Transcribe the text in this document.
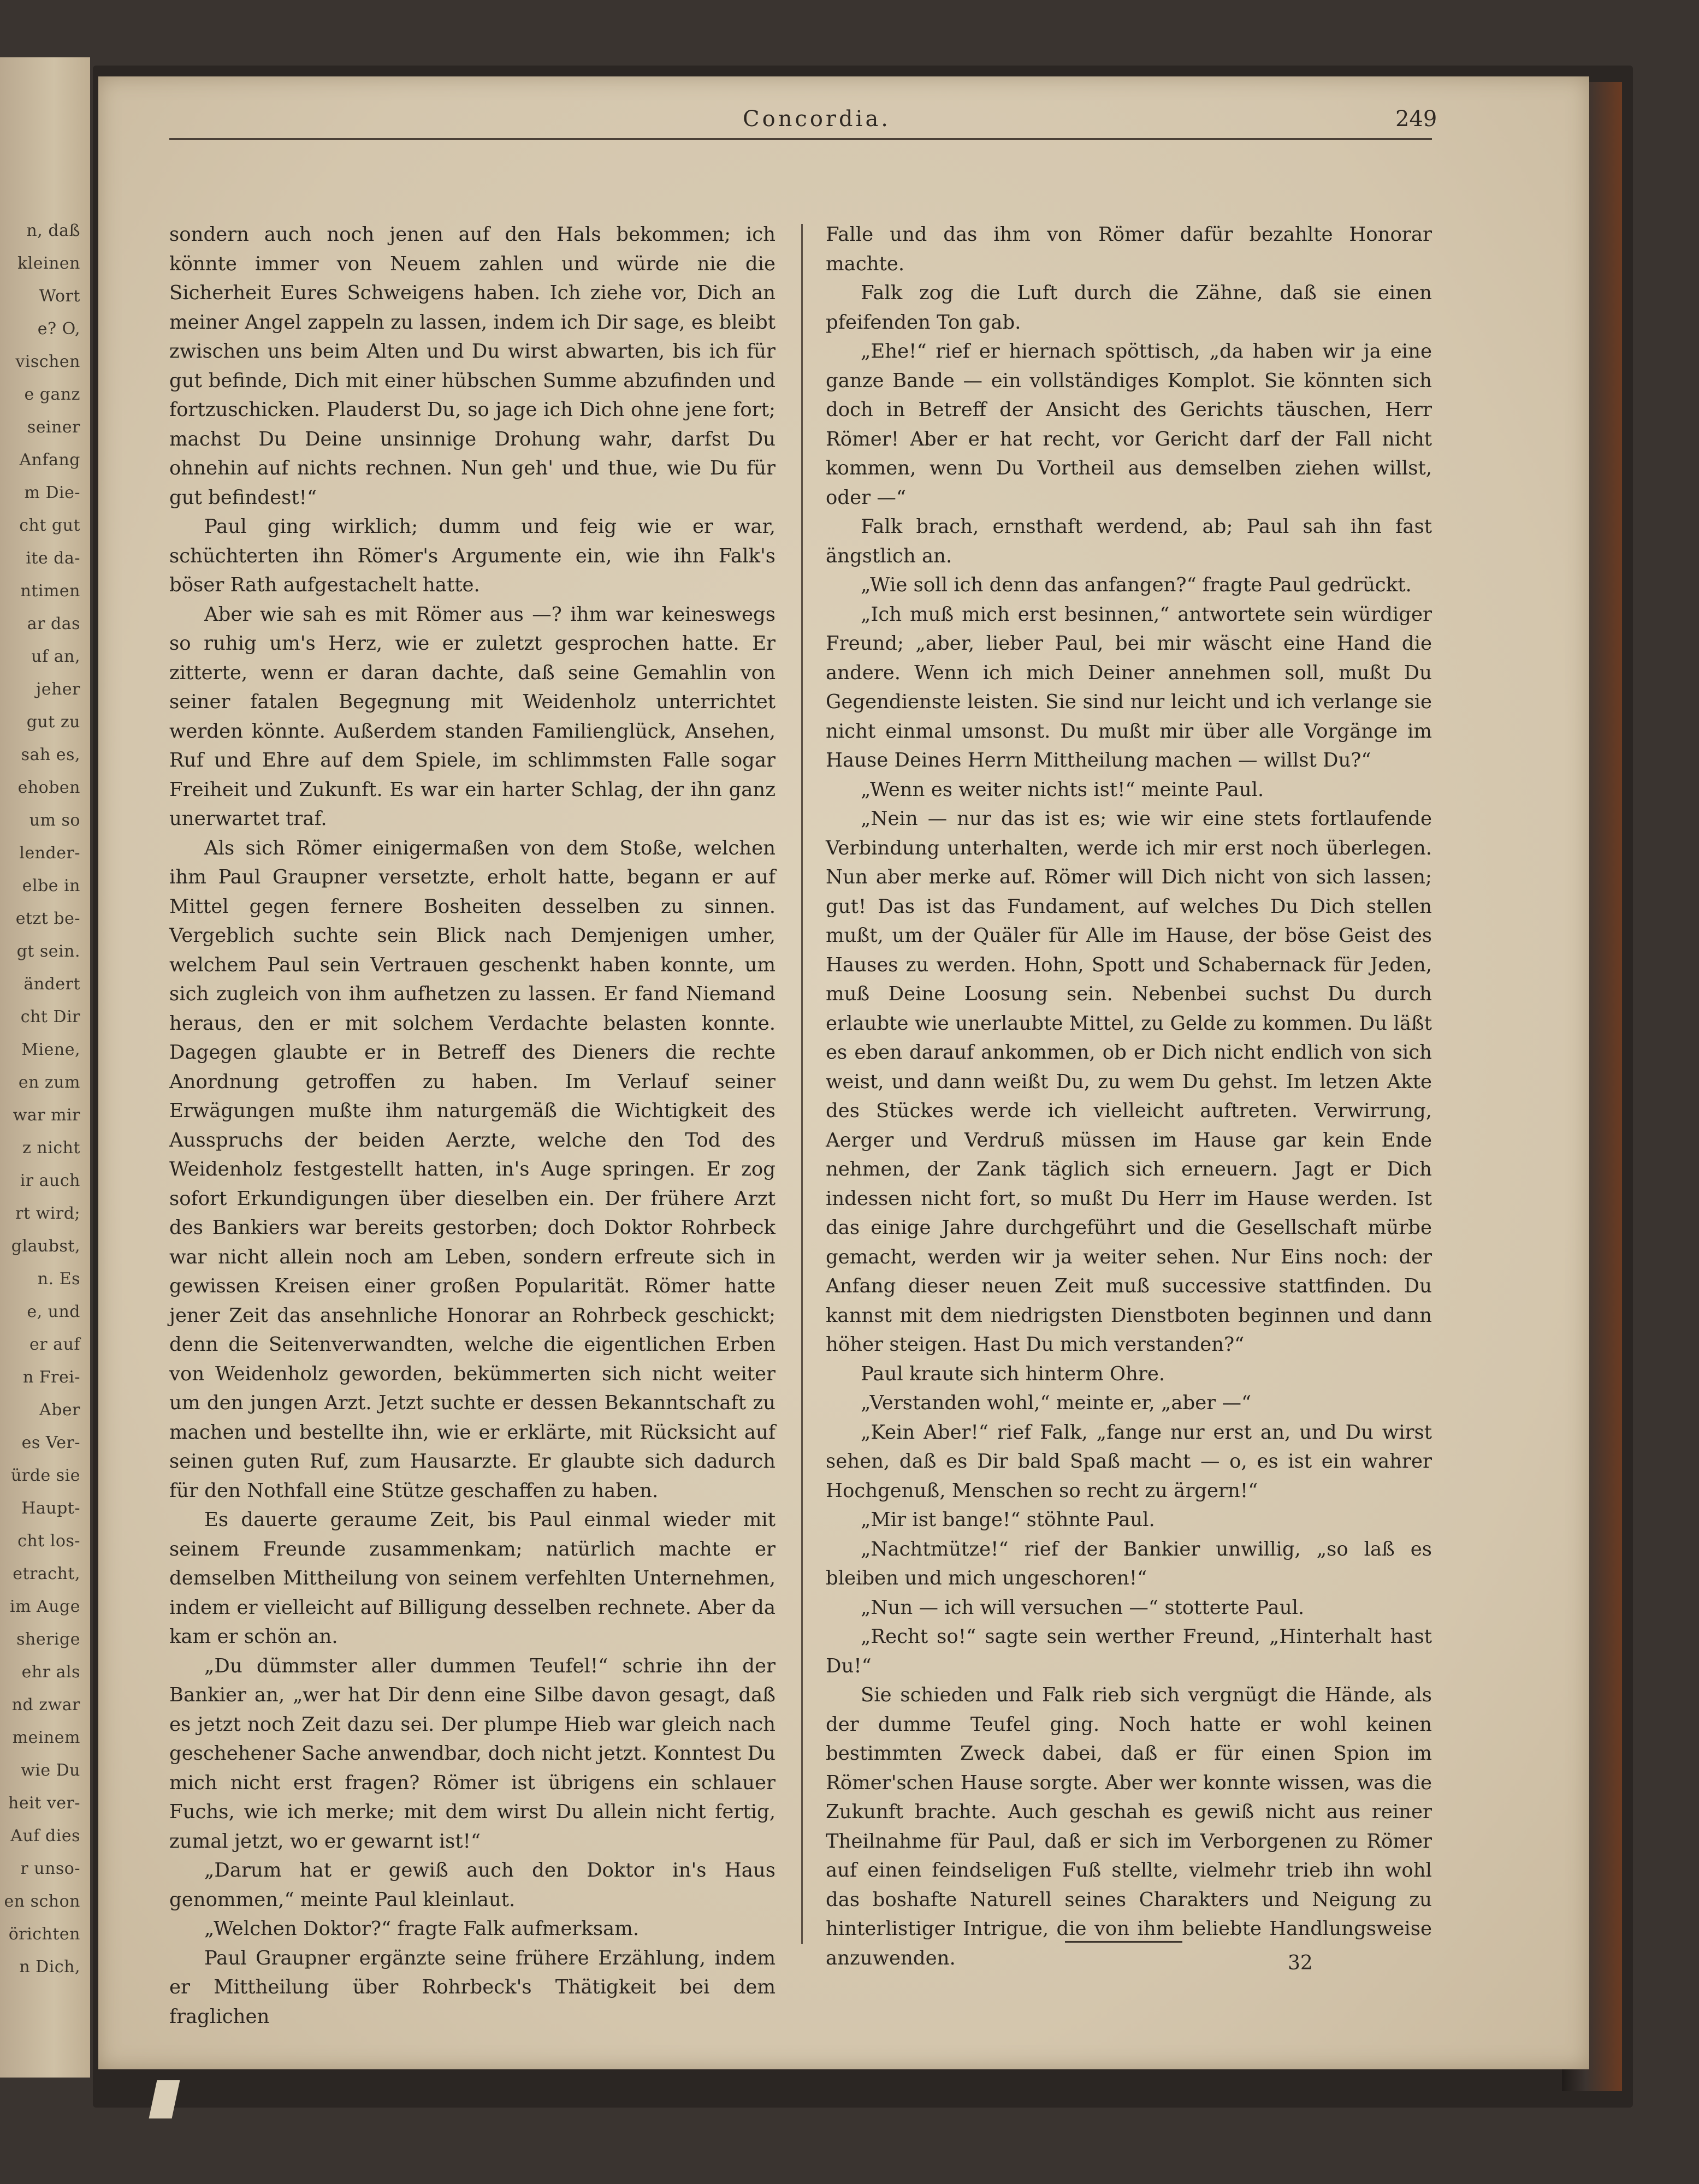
n, daß
kleinen
Wort
e? O,
vischen
e ganz
seiner
Anfang
m Die-
cht gut
ite da-
ntimen
ar das
uf an,
jeher
gut zu
sah es,
ehoben
um so
lender-
elbe in
etzt be-
gt sein.
ändert
cht Dir
Miene,
en zum
war mir
z nicht
ir auch
rt wird;
glaubst,
n. Es
e, und
er auf
n Frei-
Aber
es Ver-
ürde sie
Haupt-
cht los-
etracht,
im Auge
sherige
ehr als
nd zwar
meinem
wie Du
heit ver-
Auf dies
r unso-
en schon
örichten
n Dich,
Concordia.	249

sondern auch noch jenen auf den Hals bekommen; ich könnte immer von Neuem zahlen und würde nie die Sicherheit Eures Schweigens haben. Ich ziehe vor, Dich an meiner Angel zappeln zu lassen, indem ich Dir sage, es bleibt zwischen uns beim Alten und Du wirst abwarten, bis ich für gut befinde, Dich mit einer hübschen Summe abzufinden und fortzuschicken. Plauderst Du, so jage ich Dich ohne jene fort; machst Du Deine unsinnige Drohung wahr, darfst Du ohnehin auf nichts rechnen. Nun geh' und thue, wie Du für gut befindest!“

Paul ging wirklich; dumm und feig wie er war, schüchterten ihn Römer's Argumente ein, wie ihn Falk's böser Rath aufgestachelt hatte.

Aber wie sah es mit Römer aus —? ihm war keineswegs so ruhig um's Herz, wie er zuletzt gesprochen hatte. Er zitterte, wenn er daran dachte, daß seine Gemahlin von seiner fatalen Begegnung mit Weidenholz unterrichtet werden könnte. Außerdem standen Familienglück, Ansehen, Ruf und Ehre auf dem Spiele, im schlimmsten Falle sogar Freiheit und Zukunft. Es war ein harter Schlag, der ihn ganz unerwartet traf.

Als sich Römer einigermaßen von dem Stoße, welchen ihm Paul Graupner versetzte, erholt hatte, begann er auf Mittel gegen fernere Bosheiten desselben zu sinnen. Vergeblich suchte sein Blick nach Demjenigen umher, welchem Paul sein Vertrauen geschenkt haben konnte, um sich zugleich von ihm aufhetzen zu lassen. Er fand Niemand heraus, den er mit solchem Verdachte belasten konnte. Dagegen glaubte er in Betreff des Dieners die rechte Anordnung getroffen zu haben. Im Verlauf seiner Erwägungen mußte ihm naturgemäß die Wichtigkeit des Ausspruchs der beiden Aerzte, welche den Tod des Weidenholz festgestellt hatten, in's Auge springen. Er zog sofort Erkundigungen über dieselben ein. Der frühere Arzt des Bankiers war bereits gestorben; doch Doktor Rohrbeck war nicht allein noch am Leben, sondern erfreute sich in gewissen Kreisen einer großen Popularität. Römer hatte jener Zeit das ansehnliche Honorar an Rohrbeck geschickt; denn die Seitenverwandten, welche die eigentlichen Erben von Weidenholz geworden, bekümmerten sich nicht weiter um den jungen Arzt. Jetzt suchte er dessen Bekanntschaft zu machen und bestellte ihn, wie er erklärte, mit Rücksicht auf seinen guten Ruf, zum Hausarzte. Er glaubte sich dadurch für den Nothfall eine Stütze geschaffen zu haben.

Es dauerte geraume Zeit, bis Paul einmal wieder mit seinem Freunde zusammenkam; natürlich machte er demselben Mittheilung von seinem verfehlten Unternehmen, indem er vielleicht auf Billigung desselben rechnete. Aber da kam er schön an.

„Du dümmster aller dummen Teufel!“ schrie ihn der Bankier an, „wer hat Dir denn eine Silbe davon gesagt, daß es jetzt noch Zeit dazu sei. Der plumpe Hieb war gleich nach geschehener Sache anwendbar, doch nicht jetzt. Konntest Du mich nicht erst fragen? Römer ist übrigens ein schlauer Fuchs, wie ich merke; mit dem wirst Du allein nicht fertig, zumal jetzt, wo er gewarnt ist!“

„Darum hat er gewiß auch den Doktor in's Haus genommen,“ meinte Paul kleinlaut.

„Welchen Doktor?“ fragte Falk aufmerksam.

Paul Graupner ergänzte seine frühere Erzählung, indem er Mittheilung über Rohrbeck's Thätigkeit bei dem fraglichen

Falle und das ihm von Römer dafür bezahlte Honorar machte.

Falk zog die Luft durch die Zähne, daß sie einen pfeifenden Ton gab.

„Ehe!“ rief er hiernach spöttisch, „da haben wir ja eine ganze Bande — ein vollständiges Komplot. Sie könnten sich doch in Betreff der Ansicht des Gerichts täuschen, Herr Römer! Aber er hat recht, vor Gericht darf der Fall nicht kommen, wenn Du Vortheil aus demselben ziehen willst, oder —“

Falk brach, ernsthaft werdend, ab; Paul sah ihn fast ängstlich an.

„Wie soll ich denn das anfangen?“ fragte Paul gedrückt.

„Ich muß mich erst besinnen,“ antwortete sein würdiger Freund; „aber, lieber Paul, bei mir wäscht eine Hand die andere. Wenn ich mich Deiner annehmen soll, mußt Du Gegendienste leisten. Sie sind nur leicht und ich verlange sie nicht einmal umsonst. Du mußt mir über alle Vorgänge im Hause Deines Herrn Mittheilung machen — willst Du?“

„Wenn es weiter nichts ist!“ meinte Paul.

„Nein — nur das ist es; wie wir eine stets fortlaufende Verbindung unterhalten, werde ich mir erst noch überlegen. Nun aber merke auf. Römer will Dich nicht von sich lassen; gut! Das ist das Fundament, auf welches Du Dich stellen mußt, um der Quäler für Alle im Hause, der böse Geist des Hauses zu werden. Hohn, Spott und Schabernack für Jeden, muß Deine Loosung sein. Nebenbei suchst Du durch erlaubte wie unerlaubte Mittel, zu Gelde zu kommen. Du läßt es eben darauf ankommen, ob er Dich nicht endlich von sich weist, und dann weißt Du, zu wem Du gehst. Im letzen Akte des Stückes werde ich vielleicht auftreten. Verwirrung, Aerger und Verdruß müssen im Hause gar kein Ende nehmen, der Zank täglich sich erneuern. Jagt er Dich indessen nicht fort, so mußt Du Herr im Hause werden. Ist das einige Jahre durchgeführt und die Gesellschaft mürbe gemacht, werden wir ja weiter sehen. Nur Eins noch: der Anfang dieser neuen Zeit muß successive stattfinden. Du kannst mit dem niedrigsten Dienstboten beginnen und dann höher steigen. Hast Du mich verstanden?“

Paul kraute sich hinterm Ohre.

„Verstanden wohl,“ meinte er, „aber —“

„Kein Aber!“ rief Falk, „fange nur erst an, und Du wirst sehen, daß es Dir bald Spaß macht — o, es ist ein wahrer Hochgenuß, Menschen so recht zu ärgern!“

„Mir ist bange!“ stöhnte Paul.

„Nachtmütze!“ rief der Bankier unwillig, „so laß es bleiben und mich ungeschoren!“

„Nun — ich will versuchen —“ stotterte Paul.

„Recht so!“ sagte sein werther Freund, „Hinterhalt hast Du!“

Sie schieden und Falk rieb sich vergnügt die Hände, als der dumme Teufel ging. Noch hatte er wohl keinen bestimmten Zweck dabei, daß er für einen Spion im Römer'schen Hause sorgte. Aber wer konnte wissen, was die Zukunft brachte. Auch geschah es gewiß nicht aus reiner Theilnahme für Paul, daß er sich im Verborgenen zu Römer auf einen feindseligen Fuß stellte, vielmehr trieb ihn wohl das boshafte Naturell seines Charakters und Neigung zu hinterlistiger Intrigue, die von ihm beliebte Handlungsweise anzuwenden.	32
